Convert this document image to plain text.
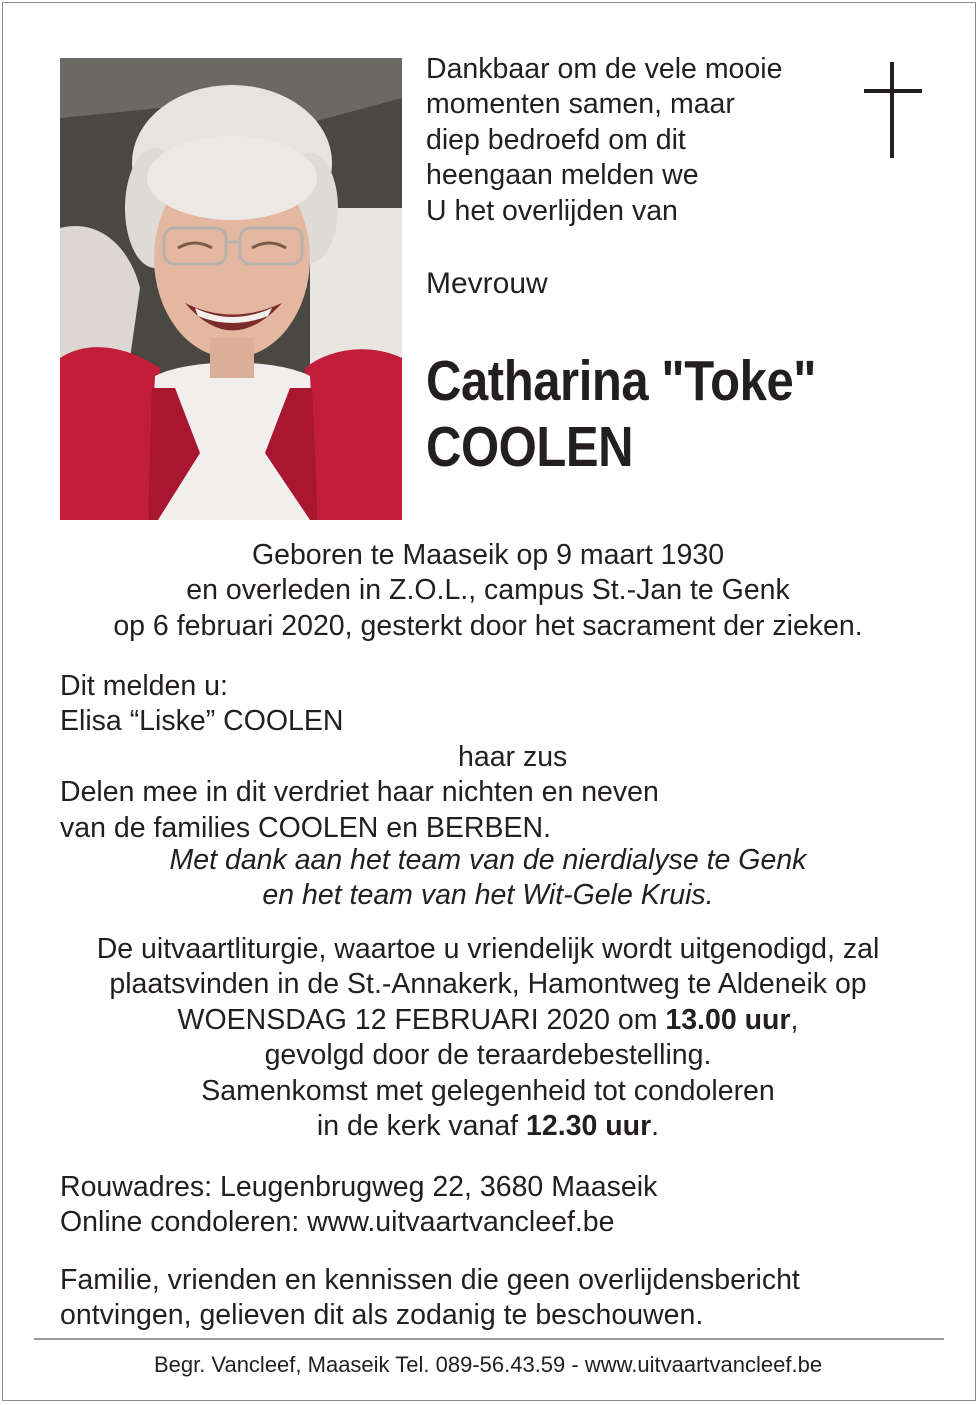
Dankbaar om de vele mooie
momenten samen, maar
diep bedroefd om dit
heengaan melden we
U het overlijden van
Mevrouw
Catharina "Toke"
COOLEN
Geboren te Maaseik op 9 maart 1930
en overleden in Z.O.L., campus St.-Jan te Genk
op 6 februari 2020, gesterkt door het sacrament der zieken.
Dit melden u:
Elisa “Liske” COOLEN
haar zus
Delen mee in dit verdriet haar nichten en neven
van de families COOLEN en BERBEN.
Met dank aan het team van de nierdialyse te Genk
en het team van het Wit-Gele Kruis.
De uitvaartliturgie, waartoe u vriendelijk wordt uitgenodigd, zal
plaatsvinden in de St.-Annakerk, Hamontweg te Aldeneik op
WOENSDAG 12 FEBRUARI 2020 om 13.00 uur,
gevolgd door de teraardebestelling.
Samenkomst met gelegenheid tot condoleren
in de kerk vanaf 12.30 uur.
Rouwadres: Leugenbrugweg 22, 3680 Maaseik
Online condoleren: www.uitvaartvancleef.be
Familie, vrienden en kennissen die geen overlijdensbericht
ontvingen, gelieven dit als zodanig te beschouwen.
Begr. Vancleef, Maaseik Tel. 089-56.43.59 - www.uitvaartvancleef.be
